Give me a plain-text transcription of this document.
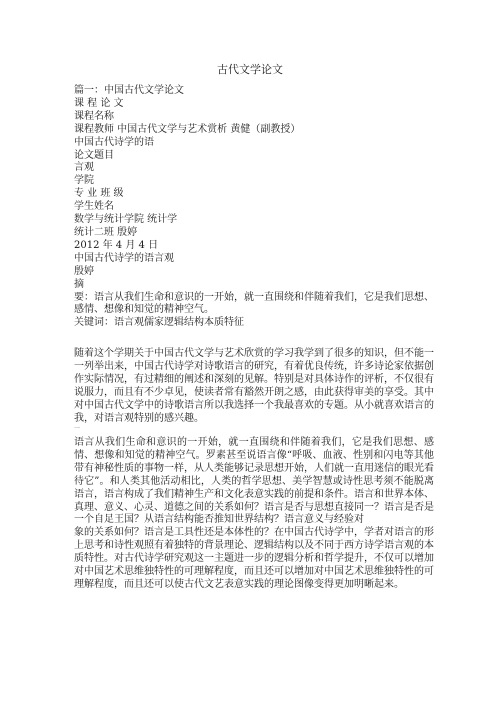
古代文学论文
篇一：中国古代文学论文
课 程 论 文
课程名称
课程教师 中国古代文学与艺术赏析 黄健（副教授）
中国古代诗学的语
论文题目
言观
学院
专 业 班 级
学生姓名
数学与统计学院 统计学
统计二班 殷婷
2012 年 4 月 4 日
中国古代诗学的语言观
殷婷
摘
要：语言从我们生命和意识的一开始，就一直围绕和伴随着我们，它是我们思想、感情、想像和知觉的精神空气。
关键词：语言观儒家逻辑结构本质特征
随着这个学期关于中国古代文学与艺术欣赏的学习我学到了很多的知识，但不能一一列举出来，中国古代诗学对诗歌语言的研究，有着优良传统，许多诗论家依据创作实际情况，有过精细的阐述和深刻的见解。特别是对具体诗作的评析，不仅很有说服力，而且有不少卓见，使读者常有豁然开朗之感，由此获得审美的享受。其中对中国古代文学中的诗歌语言所以我选择一个我最喜欢的专题。从小就喜欢语言的我，对语言观特别的感兴趣。
一
语言从我们生命和意识的一开始，就一直围绕和伴随着我们，它是我们思想、感情、想像和知觉的精神空气。罗素甚至说语言像“呼吸、血液、性别和闪电等其他带有神秘性质的事物一样，从人类能够记录思想开始，人们就一直用迷信的眼光看待它”。和人类其他活动相比，人类的哲学思想、美学智慧或诗性思考须不能脱离语言，语言构成了我们精神生产和文化表意实践的前提和条件。语言和世界本体、真理、意义、心灵、道德之间的关系如何？语言是否与思想直接同一？语言是否是一个自足王国？从语言结构能否推知世界结构？语言意义与经验对
象的关系如何？语言是工具性还是本体性的？在中国古代诗学中，学者对语言的形上思考和诗性观照有着独特的背景理论、逻辑结构以及不同于西方诗学语言观的本质特性。对古代诗学研究观这一主题进一步的逻辑分析和哲学提升，不仅可以增加对中国艺术思维独特性的可理解程度，而且还可以增加对中国艺术思维独特性的可理解程度，而且还可以使古代文艺表意实践的理论图像变得更加明晰起来。
